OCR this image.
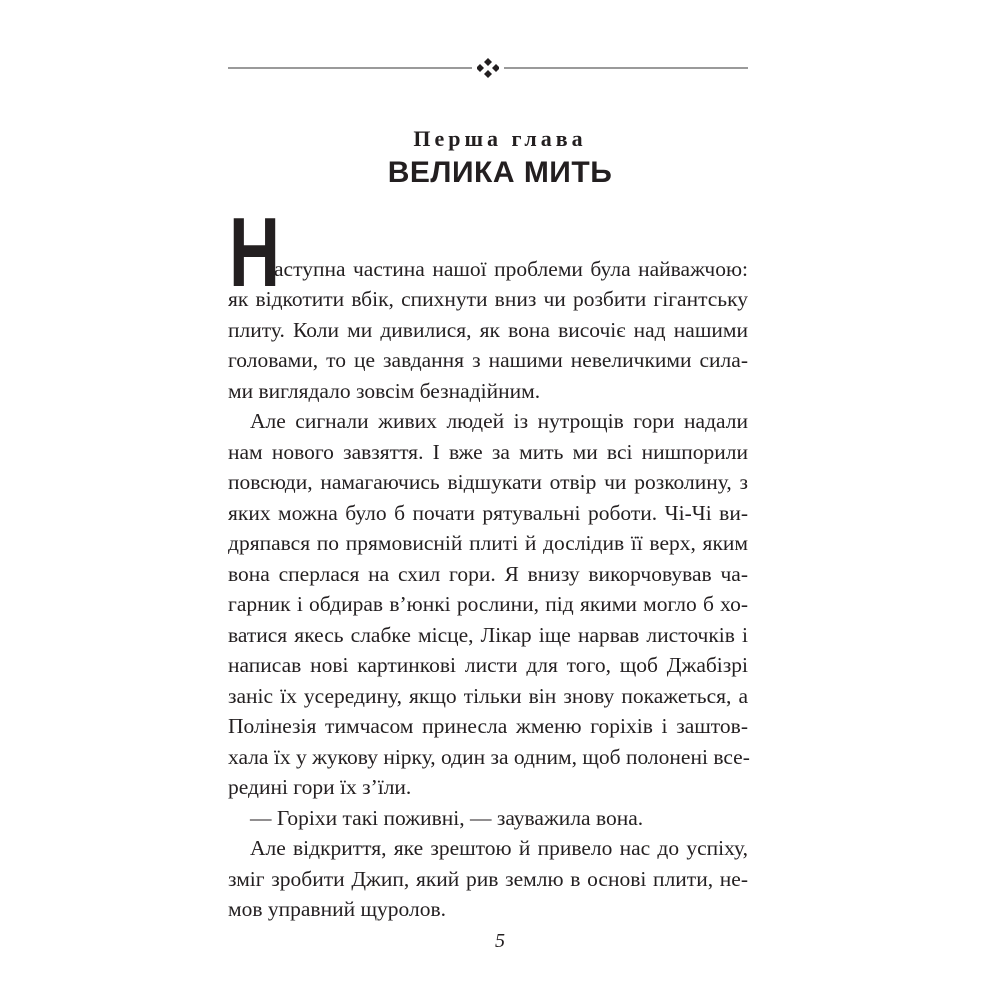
Перша глава
ВЕЛИКА МИТЬ
Н
аступна частина нашої проблеми була найважчою:
як відкотити вбік, спихнути вниз чи розбити гігантську
плиту. Коли ми дивилися, як вона височіє над нашими
головами, то це завдання з нашими невеличкими сила-
ми виглядало зовсім безнадійним.
Але сигнали живих людей із нутрощів гори надали
нам нового завзяття. І вже за мить ми всі нишпорили
повсюди, намагаючись відшукати отвір чи розколину, з
яких можна було б почати рятувальні роботи. Чі-Чі ви-
дряпався по прямовисній плиті й дослідив її верх, яким
вона сперлася на схил гори. Я внизу викорчовував ча-
гарник і обдирав в’юнкі рослини, під якими могло б хо-
ватися якесь слабке місце, Лікар іще нарвав листочків і
написав нові картинкові листи для того, щоб Джабізрі
заніс їх усередину, якщо тільки він знову покажеться, а
Полінезія тимчасом принесла жменю горіхів і заштов-
хала їх у жукову нірку, один за одним, щоб полонені все-
редині гори їх з’їли.
— Горіхи такі поживні, — зауважила вона.
Але відкриття, яке зрештою й привело нас до успіху,
зміг зробити Джип, який рив землю в основі плити, не-
мов управний щуролов.
5
